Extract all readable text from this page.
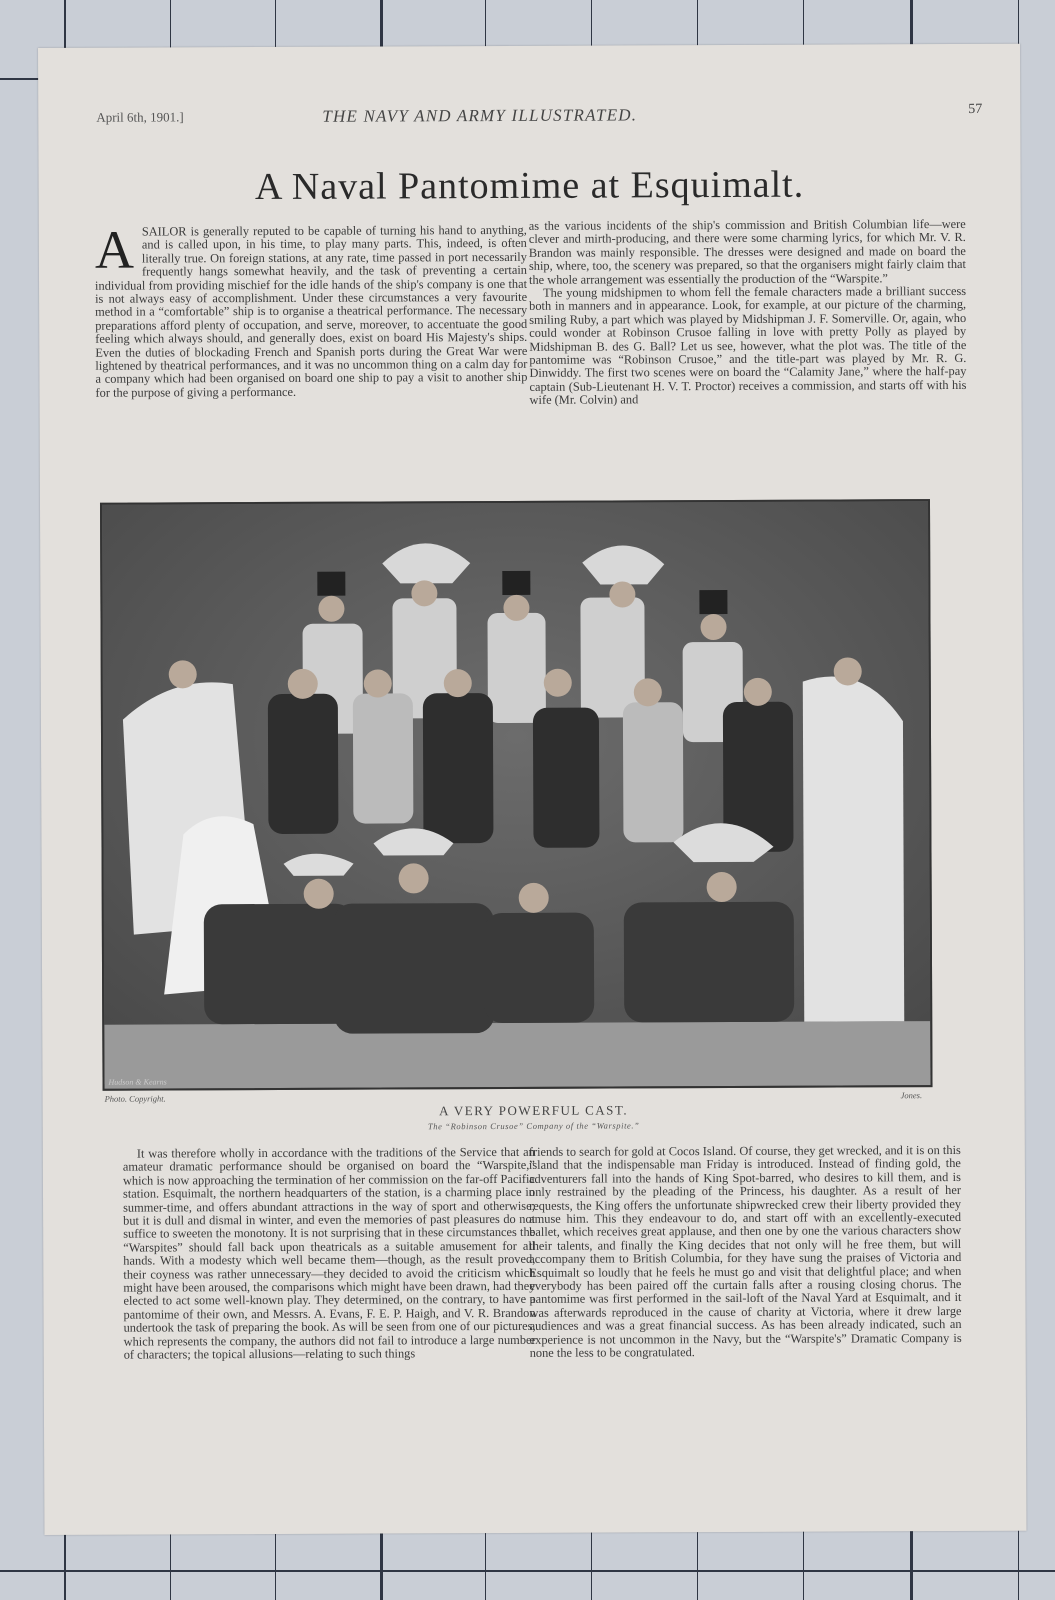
April 6th, 1901.]	THE NAVY AND ARMY ILLUSTRATED.	57
A Naval Pantomime at Esquimalt.
A SAILOR is generally reputed to be capable of turning his hand to anything, and is called upon, in his time, to play many parts. This, indeed, is often literally true. On foreign stations, at any rate, time passed in port necessarily frequently hangs somewhat heavily, and the task of preventing a certain individual from providing mischief for the idle hands of the ship's company is one that is not always easy of accomplishment. Under these circumstances a very favourite method in a “comfortable” ship is to organise a theatrical performance. The necessary preparations afford plenty of occupation, and serve, moreover, to accentuate the good feeling which always should, and generally does, exist on board His Majesty's ships. Even the duties of blockading French and Spanish ports during the Great War were lightened by theatrical performances, and it was no uncommon thing on a calm day for a company which had been organised on board one ship to pay a visit to another ship for the purpose of giving a performance.

as the various incidents of the ship's commission and British Columbian life—were clever and mirth-producing, and there were some charming lyrics, for which Mr. V. R. Brandon was mainly responsible. The dresses were designed and made on board the ship, where, too, the scenery was prepared, so that the organisers might fairly claim that the whole arrangement was essentially the production of the “Warspite.”

The young midshipmen to whom fell the female characters made a brilliant success both in manners and in appearance. Look, for example, at our picture of the charming, smiling Ruby, a part which was played by Midshipman J. F. Somerville. Or, again, who could wonder at Robinson Crusoe falling in love with pretty Polly as played by Midshipman B. des G. Ball? Let us see, however, what the plot was. The title of the pantomime was “Robinson Crusoe,” and the title-part was played by Mr. R. G. Dinwiddy. The first two scenes were on board the “Calamity Jane,” where the half-pay captain (Sub-Lieutenant H. V. T. Proctor) receives a commission, and starts off with his wife (Mr. Colvin) and

Hudson & Kearns
Photo. Copyright.	Jones.
A VERY POWERFUL CAST.
The “Robinson Crusoe” Company of the “Warspite.”

It was therefore wholly in accordance with the traditions of the Service that an amateur dramatic performance should be organised on board the “Warspite,” which is now approaching the termination of her commission on the far-off Pacific station. Esquimalt, the northern headquarters of the station, is a charming place in summer-time, and offers abundant attractions in the way of sport and otherwise; but it is dull and dismal in winter, and even the memories of past pleasures do not suffice to sweeten the monotony. It is not surprising that in these circumstances the “Warspites” should fall back upon theatricals as a suitable amusement for all hands. With a modesty which well became them—though, as the result proved, their coyness was rather unnecessary—they decided to avoid the criticism which might have been aroused, the comparisons which might have been drawn, had they elected to act some well-known play. They determined, on the contrary, to have a pantomime of their own, and Messrs. A. Evans, F. E. P. Haigh, and V. R. Brandon undertook the task of preparing the book. As will be seen from one of our pictures, which represents the company, the authors did not fail to introduce a large number of characters; the topical allusions—relating to such things

friends to search for gold at Cocos Island. Of course, they get wrecked, and it is on this island that the indispensable man Friday is introduced. Instead of finding gold, the adventurers fall into the hands of King Spot-barred, who desires to kill them, and is only restrained by the pleading of the Princess, his daughter. As a result of her requests, the King offers the unfortunate shipwrecked crew their liberty provided they amuse him. This they endeavour to do, and start off with an excellently-executed ballet, which receives great applause, and then one by one the various characters show their talents, and finally the King decides that not only will he free them, but will accompany them to British Columbia, for they have sung the praises of Victoria and Esquimalt so loudly that he feels he must go and visit that delightful place; and when everybody has been paired off the curtain falls after a rousing closing chorus. The pantomime was first performed in the sail-loft of the Naval Yard at Esquimalt, and it was afterwards reproduced in the cause of charity at Victoria, where it drew large audiences and was a great financial success. As has been already indicated, such an experience is not uncommon in the Navy, but the “Warspite's” Dramatic Company is none the less to be congratulated.
